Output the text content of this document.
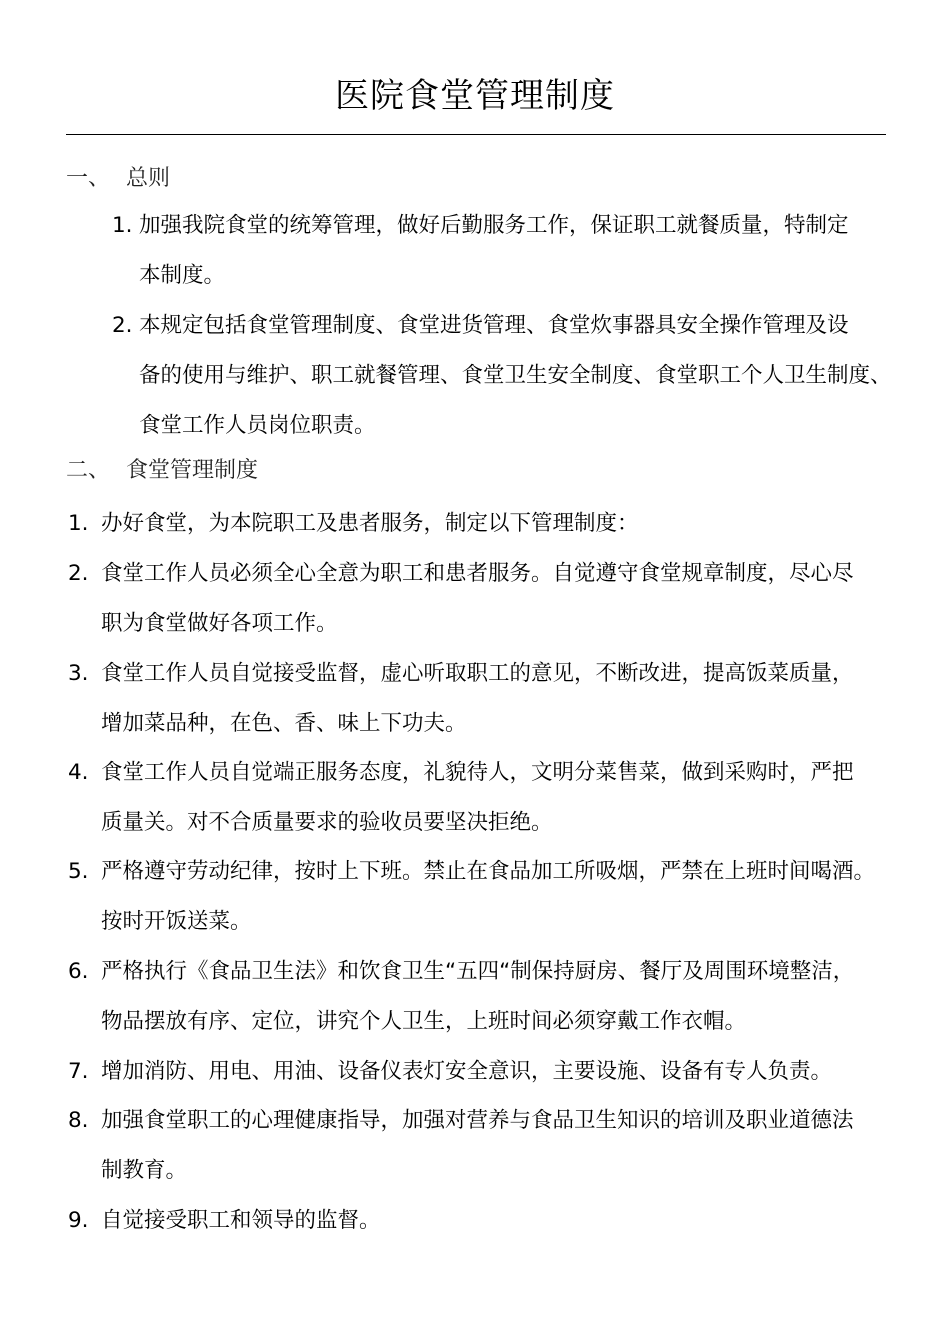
医院食堂管理制度
一、 总则
1. 加强我院食堂的统筹管理，做好后勤服务工作，保证职工就餐质量，特制定
本制度。
2. 本规定包括食堂管理制度、食堂进货管理、食堂炊事器具安全操作管理及设
备的使用与维护、职工就餐管理、食堂卫生安全制度、食堂职工个人卫生制度、
食堂工作人员岗位职责。
二、 食堂管理制度
1. 办好食堂，为本院职工及患者服务，制定以下管理制度：
2. 食堂工作人员必须全心全意为职工和患者服务。自觉遵守食堂规章制度，尽心尽
职为食堂做好各项工作。
3. 食堂工作人员自觉接受监督，虚心听取职工的意见，不断改进，提高饭菜质量，
增加菜品种，在色、香、味上下功夫。
4. 食堂工作人员自觉端正服务态度，礼貌待人，文明分菜售菜，做到采购时，严把
质量关。对不合质量要求的验收员要坚决拒绝。
5. 严格遵守劳动纪律，按时上下班。禁止在食品加工所吸烟，严禁在上班时间喝酒。
按时开饭送菜。
6. 严格执行《食品卫生法》和饮食卫生“五四“制保持厨房、餐厅及周围环境整洁，
物品摆放有序、定位，讲究个人卫生，上班时间必须穿戴工作衣帽。
7. 增加消防、用电、用油、设备仪表灯安全意识，主要设施、设备有专人负责。
8. 加强食堂职工的心理健康指导，加强对营养与食品卫生知识的培训及职业道德法
制教育。
9. 自觉接受职工和领导的监督。
